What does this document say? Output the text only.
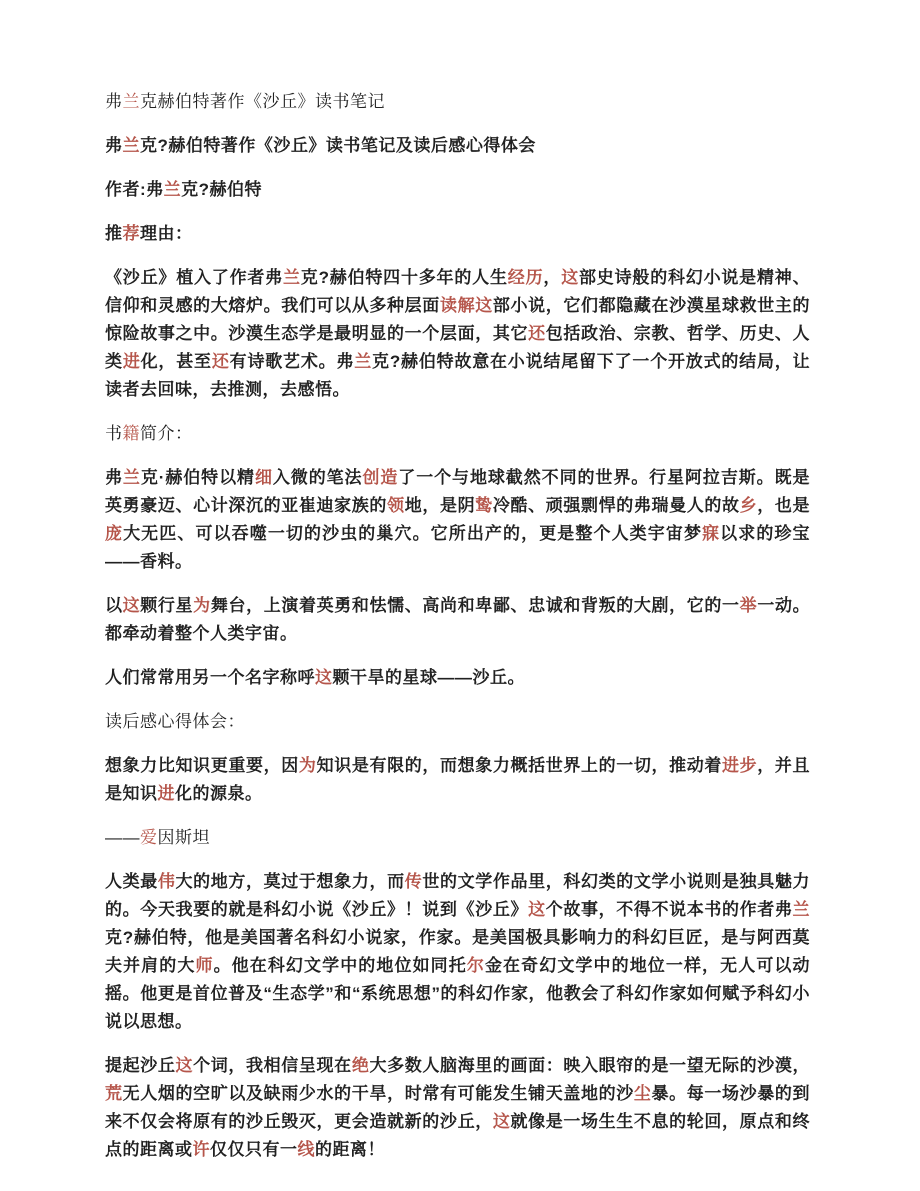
弗兰克赫伯特著作《沙丘》读书笔记

弗兰克?赫伯特著作《沙丘》读书笔记及读后感心得体会

作者:弗兰克?赫伯特

推荐理由：

《沙丘》植入了作者弗兰克?赫伯特四十多年的人生经历，这部史诗般的科幻小说是精神、信仰和灵感的大熔炉。我们可以从多种层面读解这部小说，它们都隐藏在沙漠星球救世主的惊险故事之中。沙漠生态学是最明显的一个层面，其它还包括政治、宗教、哲学、历史、人类进化，甚至还有诗歌艺术。弗兰克?赫伯特故意在小说结尾留下了一个开放式的结局，让读者去回味，去推测，去感悟。

书籍简介：

弗兰克·赫伯特以精细入微的笔法创造了一个与地球截然不同的世界。行星阿拉吉斯。既是英勇豪迈、心计深沉的亚崔迪家族的领地，是阴鸷冷酷、顽强剽悍的弗瑞曼人的故乡，也是庞大无匹、可以吞噬一切的沙虫的巢穴。它所出产的，更是整个人类宇宙梦寐以求的珍宝——香料。

以这颗行星为舞台，上演着英勇和怯懦、高尚和卑鄙、忠诚和背叛的大剧，它的一举一动。都牵动着整个人类宇宙。

人们常常用另一个名字称呼这颗干旱的星球——沙丘。

读后感心得体会：

想象力比知识更重要，因为知识是有限的，而想象力概括世界上的一切，推动着进步，并且是知识进化的源泉。

——爱因斯坦

人类最伟大的地方，莫过于想象力，而传世的文学作品里，科幻类的文学小说则是独具魅力的。今天我要的就是科幻小说《沙丘》！说到《沙丘》这个故事，不得不说本书的作者弗兰克?赫伯特，他是美国著名科幻小说家，作家。是美国极具影响力的科幻巨匠，是与阿西莫夫并肩的大师。他在科幻文学中的地位如同托尔金在奇幻文学中的地位一样，无人可以动摇。他更是首位普及“生态学”和“系统思想”的科幻作家，他教会了科幻作家如何赋予科幻小说以思想。

提起沙丘这个词，我相信呈现在绝大多数人脑海里的画面：映入眼帘的是一望无际的沙漠，荒无人烟的空旷以及缺雨少水的干旱，时常有可能发生铺天盖地的沙尘暴。每一场沙暴的到来不仅会将原有的沙丘毁灭，更会造就新的沙丘，这就像是一场生生不息的轮回，原点和终点的距离或许仅仅只有一线的距离！
